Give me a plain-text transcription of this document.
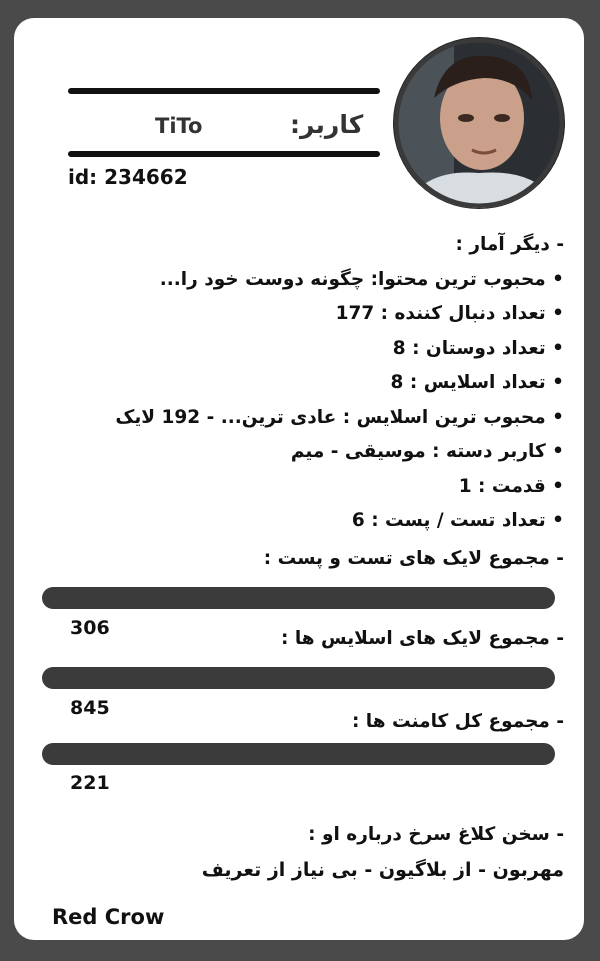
کاربر:
TiTo
id: 234662
- دیگر آمار :
• محبوب ترین محتوا: چگونه دوست خود را...
• تعداد دنبال کننده : 177
• تعداد دوستان : 8
• تعداد اسلایس : 8
• محبوب ترین اسلایس : عادی ترین... - 192 لایک
• کاربر دسته : موسیقی - میم
• قدمت : 1
• تعداد تست / پست : 6
- مجموع لایک های تست و پست :
306	- مجموع لایک های اسلایس ها :
845
- مجموع کل کامنت ها :
221
- سخن کلاغ سرخ درباره او :
مهربون - از بلاگیون - بی نیاز از تعریف
Red Crow
